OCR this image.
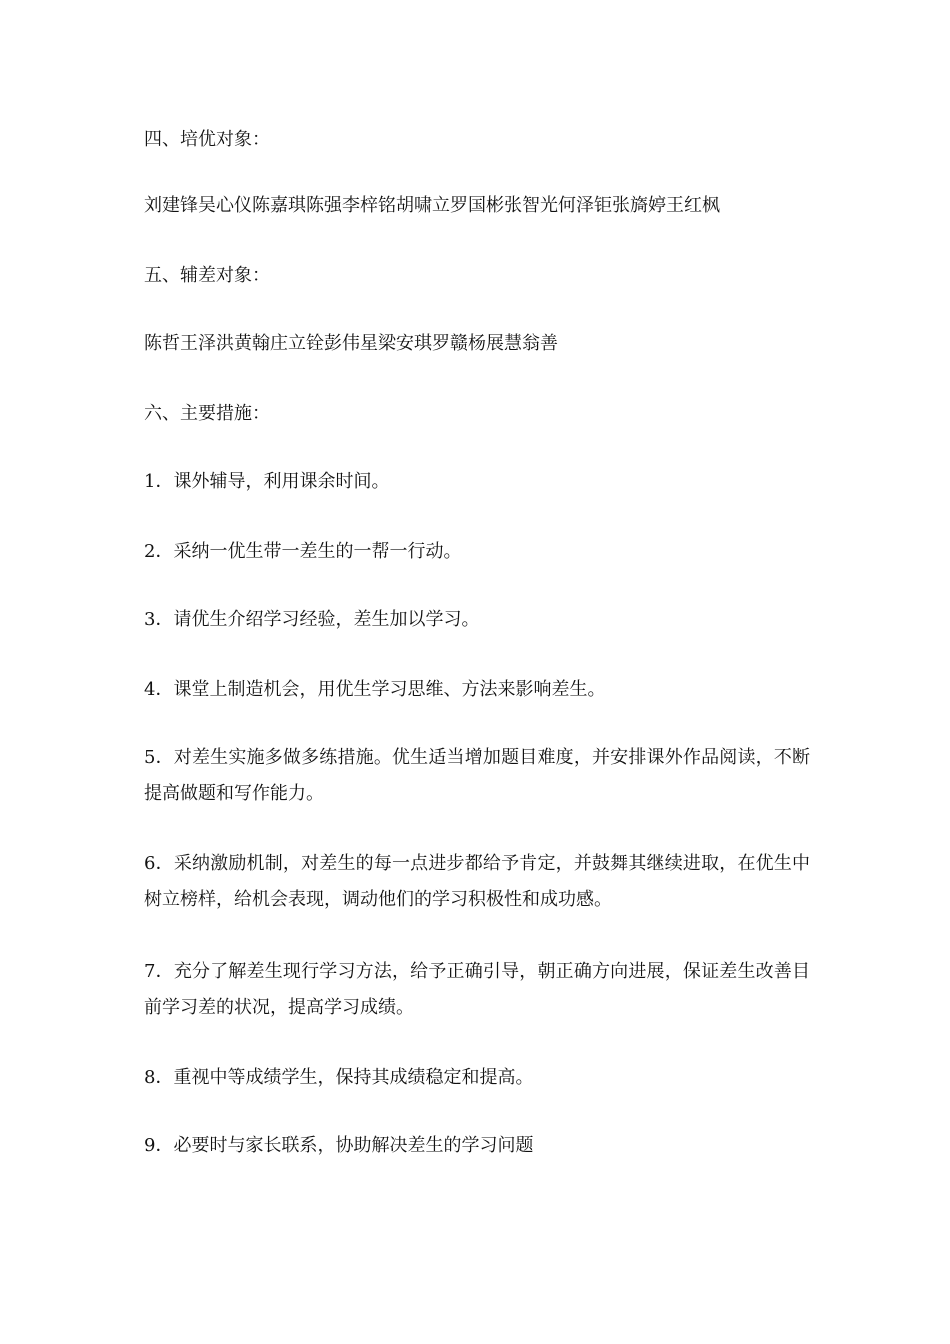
四、培优对象：
刘建锋吴心仪陈嘉琪陈强李梓铭胡啸立罗国彬张智光何泽钜张旖婷王红枫
五、辅差对象：
陈哲王泽洪黄翰庄立铨彭伟星梁安琪罗赣杨展慧翁善
六、主要措施：
1．课外辅导，利用课余时间。
2．采纳一优生带一差生的一帮一行动。
3．请优生介绍学习经验，差生加以学习。
4．课堂上制造机会，用优生学习思维、方法来影响差生。
5．对差生实施多做多练措施。优生适当增加题目难度，并安排课外作品阅读，不断提高做题和写作能力。
6．采纳激励机制，对差生的每一点进步都给予肯定，并鼓舞其继续进取，在优生中树立榜样，给机会表现，调动他们的学习积极性和成功感。
7．充分了解差生现行学习方法，给予正确引导，朝正确方向进展，保证差生改善目前学习差的状况，提高学习成绩。
8．重视中等成绩学生，保持其成绩稳定和提高。
9．必要时与家长联系，协助解决差生的学习问题
